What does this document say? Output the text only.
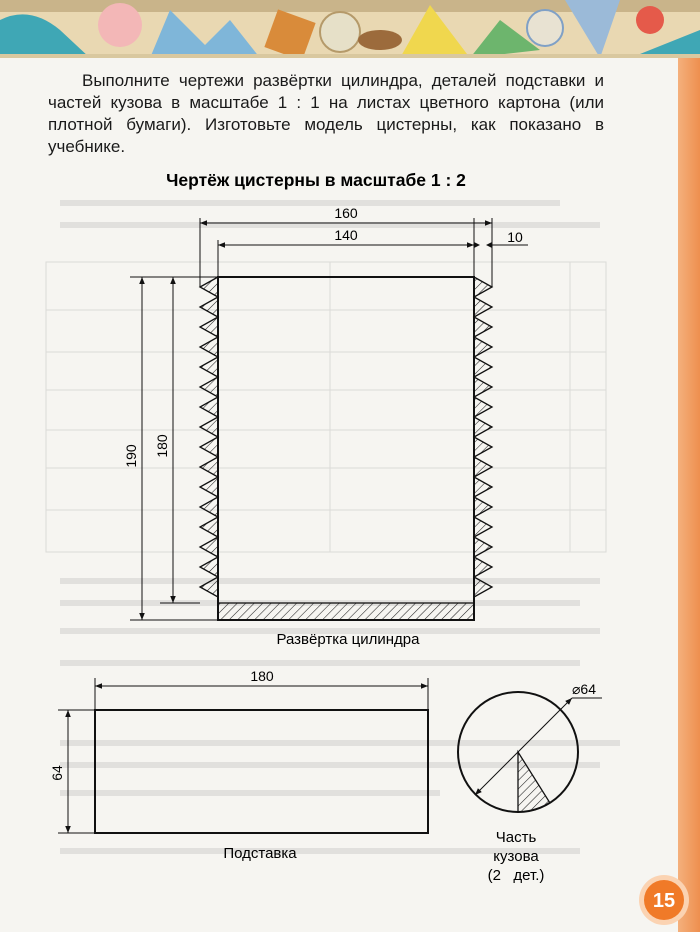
Выполните чертежи развёртки цилиндра, деталей подставки и частей кузова в масштабе 1 : 1 на листах цветного картона (или плотной бумаги). Изготовьте модель цистерны, как показано в учебнике.

Чертёж цистерны в масштабе 1 : 2
140
160
10
190 180
Развёртка цилиндра
180
64
Подставка
⌀64
Часть
кузова
(2   дет.)
15
